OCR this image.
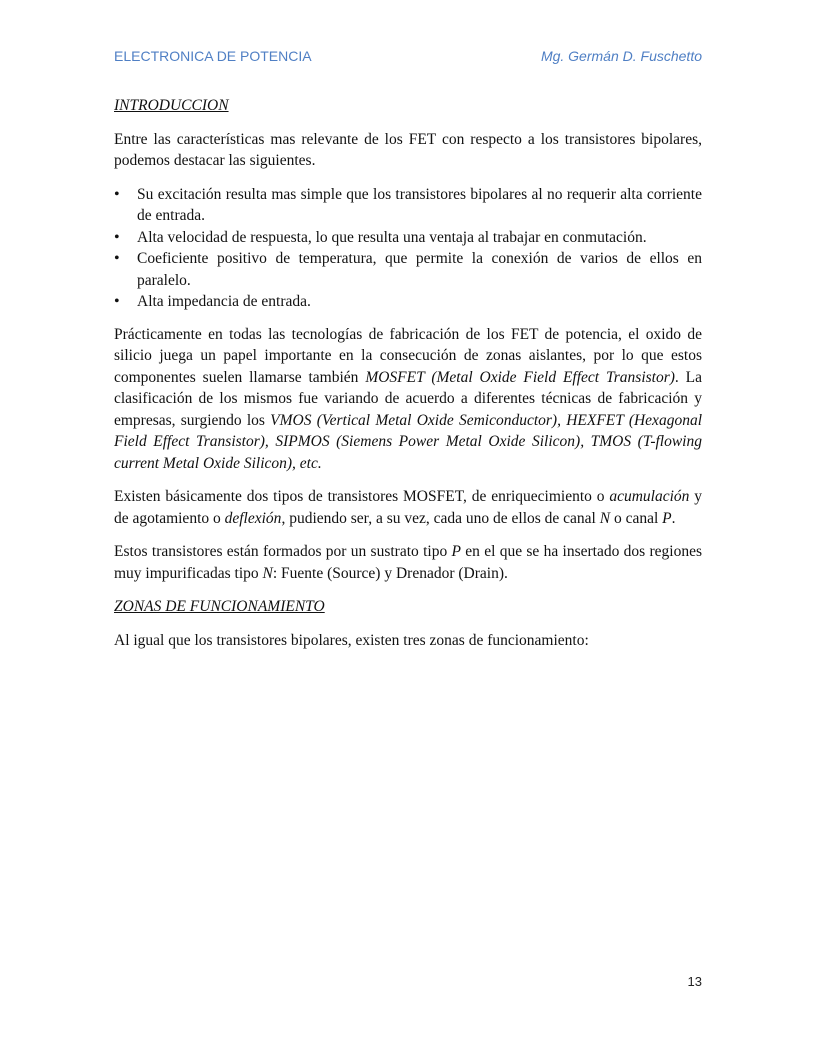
ELECTRONICA DE POTENCIA	Mg. Germán D. Fuschetto

INTRODUCCION

Entre las características mas relevante de los FET con respecto a los transistores bipolares, podemos destacar las siguientes.

• Su excitación resulta mas simple que los transistores bipolares al no requerir alta corriente de entrada.
• Alta velocidad de respuesta, lo que resulta una ventaja al trabajar en conmutación.
• Coeficiente positivo de temperatura, que permite la conexión de varios de ellos en paralelo.
• Alta impedancia de entrada.

Prácticamente en todas las tecnologías de fabricación de los FET de potencia, el oxido de silicio juega un papel importante en la consecución de zonas aislantes, por lo que estos componentes suelen llamarse también MOSFET (Metal Oxide Field Effect Transistor). La clasificación de los mismos fue variando de acuerdo a diferentes técnicas de fabricación y empresas, surgiendo los VMOS (Vertical Metal Oxide Semiconductor), HEXFET (Hexagonal Field Effect Transistor), SIPMOS (Siemens Power Metal Oxide Silicon), TMOS (T-flowing current Metal Oxide Silicon), etc.

Existen básicamente dos tipos de transistores MOSFET, de enriquecimiento o acumulación y de agotamiento o deflexión, pudiendo ser, a su vez, cada uno de ellos de canal N o canal P.

Estos transistores están formados por un sustrato tipo P en el que se ha insertado dos regiones muy impurificadas tipo N: Fuente (Source) y Drenador (Drain).

ZONAS DE FUNCIONAMIENTO

Al igual que los transistores bipolares, existen tres zonas de funcionamiento:

13
